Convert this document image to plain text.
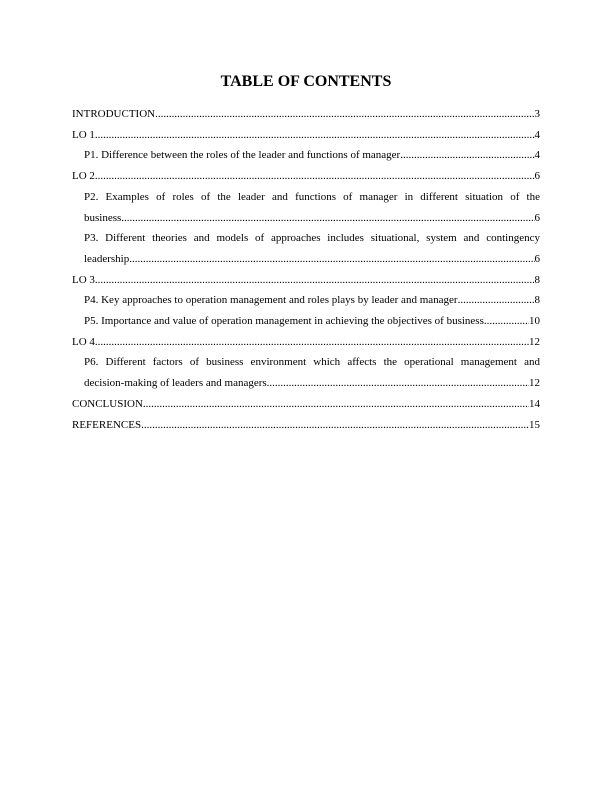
TABLE OF CONTENTS
INTRODUCTION .....	3
LO 1 .....	4
P1. Difference between the roles of the leader and functions of manager .....	4
LO 2 .....	6
P2. Examples of roles of the leader and functions of manager in different situation of the
business .....	6
P3. Different theories and models of approaches includes situational, system and contingency
leadership .....	6
LO 3 .....	8
P4. Key approaches to operation management and roles plays by leader and manager .....	8
P5. Importance and value of operation management in achieving the objectives of business .....	10
LO 4 .....	12
P6. Different factors of business environment which affects the operational management and
decision-making of leaders and managers .....	12
CONCLUSION .....	14
REFERENCES .....	15
